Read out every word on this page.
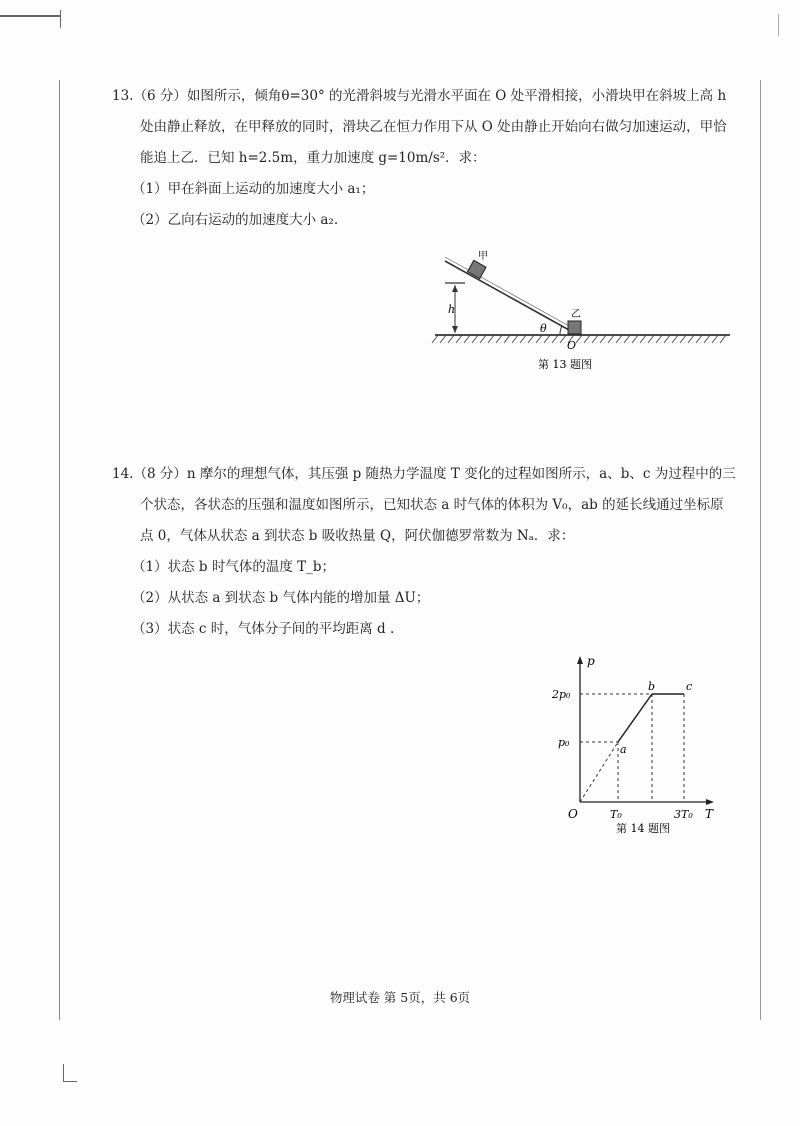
13.（6 分）如图所示，倾角θ=30° 的光滑斜坡与光滑水平面在 O 处平滑相接，小滑块甲在斜坡上高 h
处由静止释放，在甲释放的同时，滑块乙在恒力作用下从 O 处由静止开始向右做匀加速运动，甲恰
能追上乙．已知 h=2.5m，重力加速度 g=10m/s²．求：
（1）甲在斜面上运动的加速度大小 a₁；
（2）乙向右运动的加速度大小 a₂.
甲
h
θ
乙
O
第 13 题图
14.（8 分）n 摩尔的理想气体，其压强 p 随热力学温度 T 变化的过程如图所示，a、b、c 为过程中的三
个状态，各状态的压强和温度如图所示，已知状态 a 时气体的体积为 V₀，ab 的延长线通过坐标原
点 0，气体从状态 a 到状态 b 吸收热量 Q，阿伏伽德罗常数为 Nₐ．求：
（1）状态 b 时气体的温度 T_b；
（2）从状态 a 到状态 b 气体内能的增加量 ΔU；
（3）状态 c 时，气体分子间的平均距离 d .
p
T
O
2p₀
p₀
T₀	3T₀
a
b	c
第 14 题图
物理试卷 第 5页，共 6页
